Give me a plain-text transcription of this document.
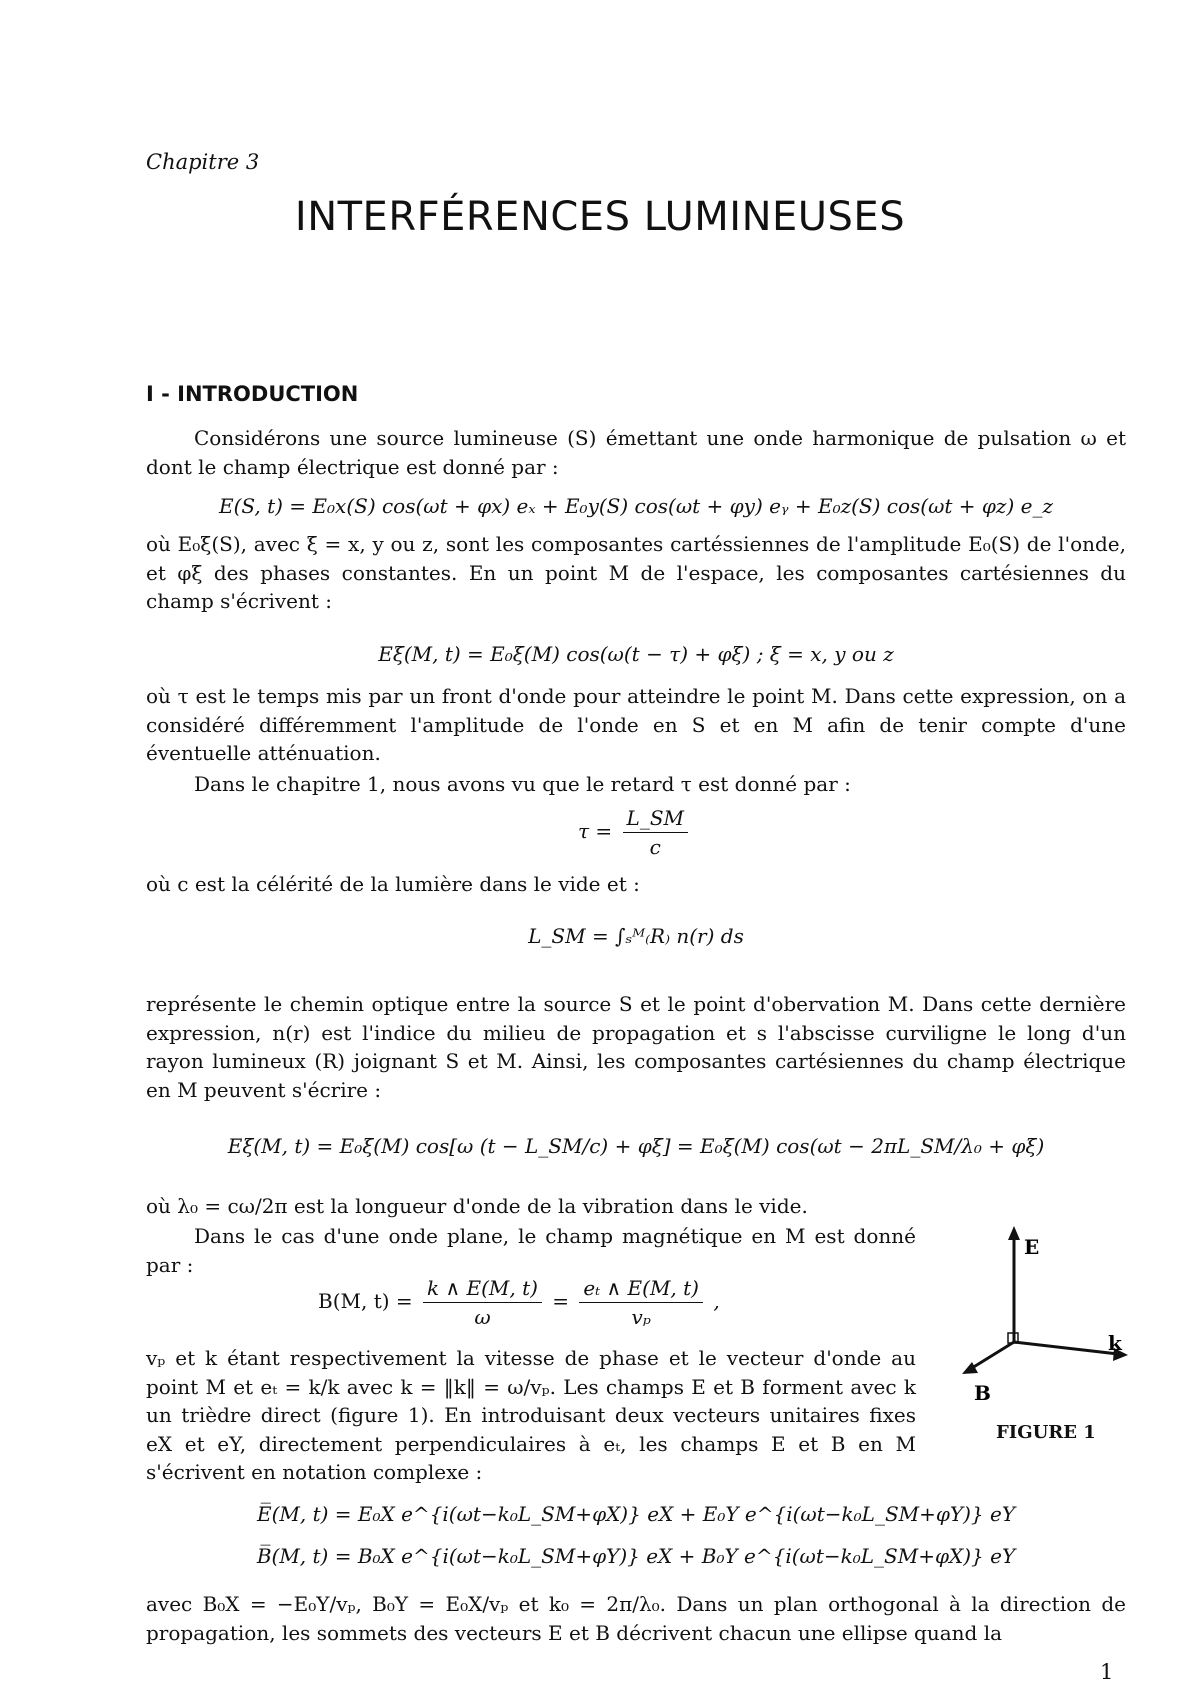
Chapitre 3
INTERFÉRENCES LUMINEUSES
I - INTRODUCTION
Considérons une source lumineuse (S) émettant une onde harmonique de pulsation ω et dont le champ électrique est donné par :
E(S, t) = E₀x(S) cos(ωt + φx) eₓ + E₀y(S) cos(ωt + φy) eᵧ + E₀z(S) cos(ωt + φz) e_z
où E₀ξ(S), avec ξ = x, y ou z, sont les composantes cartéssiennes de l'amplitude E₀(S) de l'onde, et φξ des phases constantes. En un point M de l'espace, les composantes cartésiennes du champ s'écrivent :
Eξ(M, t) = E₀ξ(M) cos(ω(t − τ) + φξ) ; ξ = x, y ou z
où τ est le temps mis par un front d'onde pour atteindre le point M. Dans cette expression, on a considéré différemment l'amplitude de l'onde en S et en M afin de tenir compte d'une éventuelle atténuation.
Dans le chapitre 1, nous avons vu que le retard τ est donné par :
$\tau = \frac{L\_SM}{c}$
où c est la célérité de la lumière dans le vide et :
L_SM = ∫ₛᴹ₍R₎ n(r) ds
représente le chemin optique entre la source S et le point d'obervation M. Dans cette dernière expression, n(r) est l'indice du milieu de propagation et s l'abscisse curviligne le long d'un rayon lumineux (R) joignant S et M. Ainsi, les composantes cartésiennes du champ électrique en M peuvent s'écrire :
Eξ(M, t) = E₀ξ(M) cos[ω (t − L_SM/c) + φξ] = E₀ξ(M) cos(ωt − 2πL_SM/λ₀ + φξ)
où λ₀ = cω/2π est la longueur d'onde de la vibration dans le vide.
Dans le cas d'une onde plane, le champ magnétique en M est donné par :
B(M, $t) = \frac{k \wedge E(M, t)}{\omega} = \frac{\text{eₜ ∧ E(M, t)}}{\text{vₚ}}$ ,
vₚ et k étant respectivement la vitesse de phase et le vecteur d'onde au point M et eₜ = k/k avec k = ‖k‖ = ω/vₚ. Les champs E et B forment avec k un trièdre direct (figure 1). En introduisant deux vecteurs unitaires fixes eX et eY, directement perpendiculaires à eₜ, les champs E et B en M s'écrivent en notation complexe :
E̅(M, t) = E₀X e^{i(ωt−k₀L_SM+φX)} eX + E₀Y e^{i(ωt−k₀L_SM+φY)} eY
B̅(M, t) = B₀X e^{i(ωt−k₀L_SM+φY)} eX + B₀Y e^{i(ωt−k₀L_SM+φX)} eY
avec B₀X = −E₀Y/vₚ, B₀Y = E₀X/vₚ et k₀ = 2π/λ₀. Dans un plan orthogonal à la direction de propagation, les sommets des vecteurs E et B décrivent chacun une ellipse quand la
E
k
B
FIGURE 1
1
